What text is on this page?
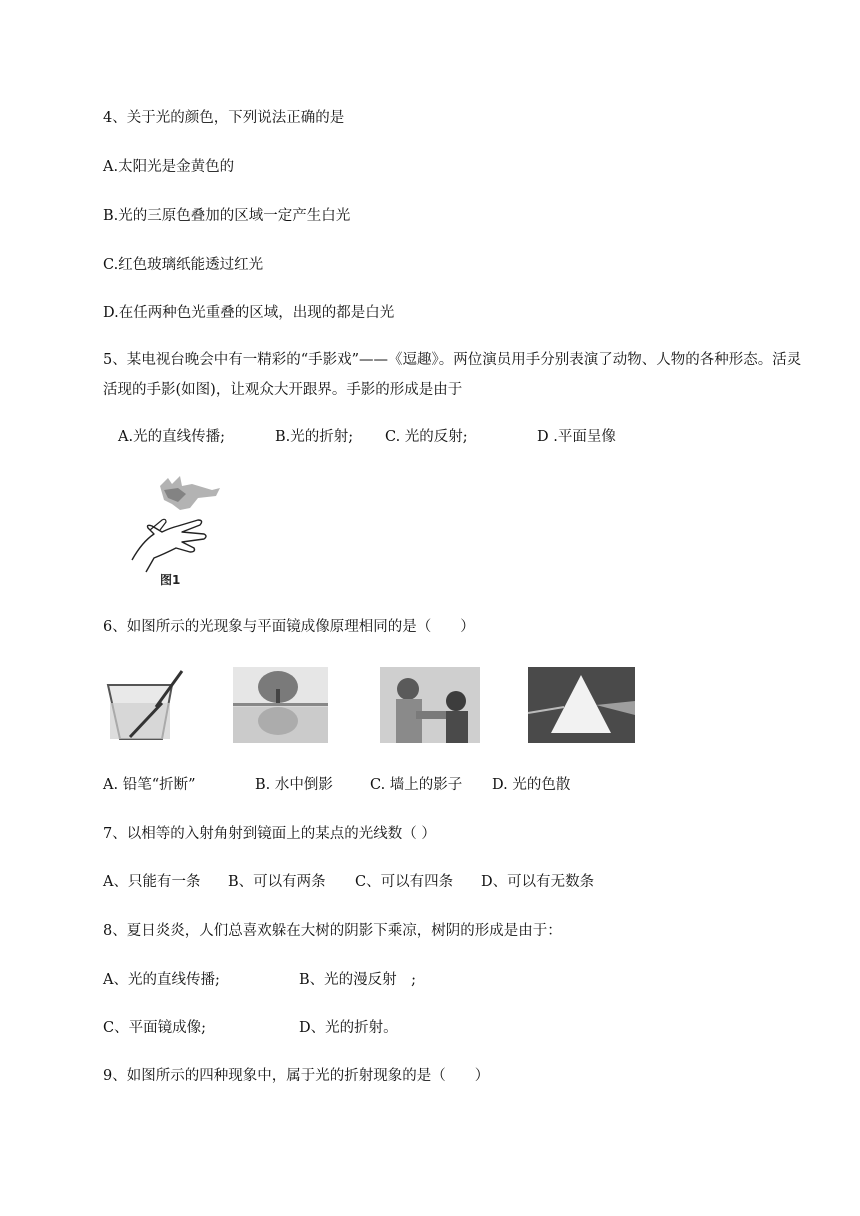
4、关于光的颜色，下列说法正确的是
A.太阳光是金黄色的
B.光的三原色叠加的区域一定产生白光
C.红色玻璃纸能透过红光
D.在任两种色光重叠的区域，出现的都是白光
5、某电视台晚会中有一精彩的“手影戏”——《逗趣》。两位演员用手分别表演了动物、人物的各种形态。活灵活现的手影(如图)，让观众大开跟界。手影的形成是由于
A.光的直线传播;	B.光的折射; C. 光的反射;	D .平面呈像
图1
6、如图所示的光现象与平面镜成像原理相同的是（　　）
A. 铅笔“折断”	B. 水中倒影	C. 墙上的影子 D. 光的色散
7、以相等的入射角射到镜面上的某点的光线数（ ）
A、只能有一条 B、可以有两条 C、可以有四条 D、可以有无数条
8、夏日炎炎，人们总喜欢躲在大树的阴影下乘凉，树阴的形成是由于：
A、光的直线传播;	B、光的漫反射　;
C、平面镜成像;	D、光的折射。
9、如图所示的四种现象中，属于光的折射现象的是（　　）
